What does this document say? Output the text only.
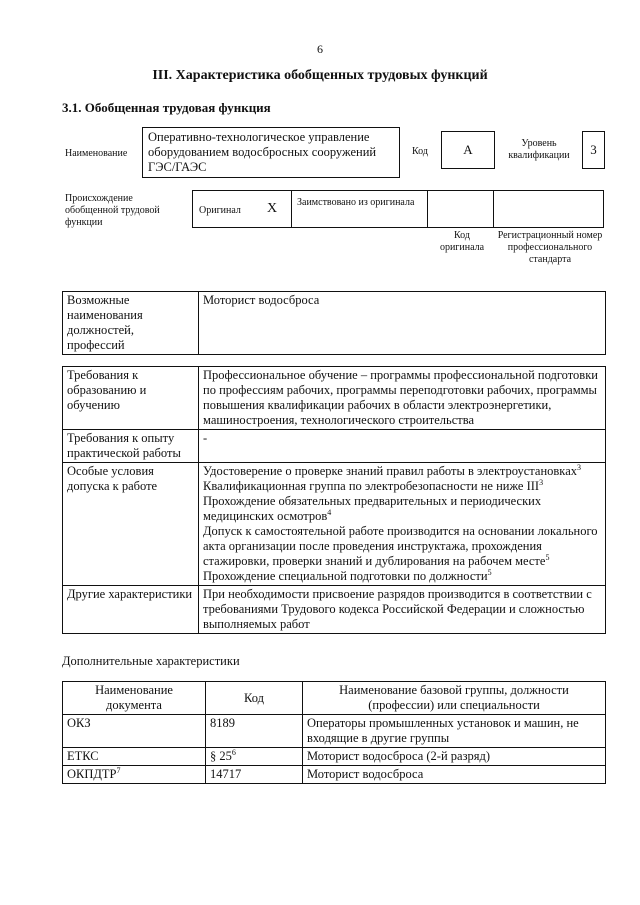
6
III. Характеристика обобщенных трудовых функций
3.1. Обобщенная трудовая функция
Наименование
Оперативно-технологическое управление оборудованием водосбросных сооружений ГЭС/ГАЭС
Код	A	Уровень квалификации	3
Происхождение обобщенной трудовой функции
Оригинал X Заимствовано из оригинала
Код оригинала
Регистрационный номер профессионального стандарта
Возможные наименования должностей, профессий	Моторист водосброса
Требования к образованию и обучению	Профессиональное обучение – программы профессиональной подготовки по профессиям рабочих, программы переподготовки рабочих, программы повышения квалификации рабочих в области электроэнергетики, машиностроения, технологического строительства
Требования к опыту практической работы	-
Особые условия допуска к работе	Удостоверение о проверке знаний правил работы в электроустановках$^3$
Квалификационная группа по электробезопасности не ниже III$^3$
Прохождение обязательных предварительных и периодических медицинских осмотров$^4$
Допуск к самостоятельной работе производится на основании локального акта организации после проведения инструктажа, прохождения стажировки, проверки знаний и дублирования на рабочем месте$^5$
Прохождение специальной подготовки по должности$^5$

Другие характеристики	При необходимости присвоение разрядов производится в соответствии с требованиями Трудового кодекса Российской Федерации и сложностью выполняемых работ
Дополнительные характеристики
Наименование документа	Код	Наименование базовой группы, должности (профессии) или специальности
ОКЗ	8189	Операторы промышленных установок и машин, не входящие в другие группы
ЕТКС	§ $25^6$	Моторист водосброса (2-й разряд)
ОКПДТР$^7$	14717	Моторист водосброса
